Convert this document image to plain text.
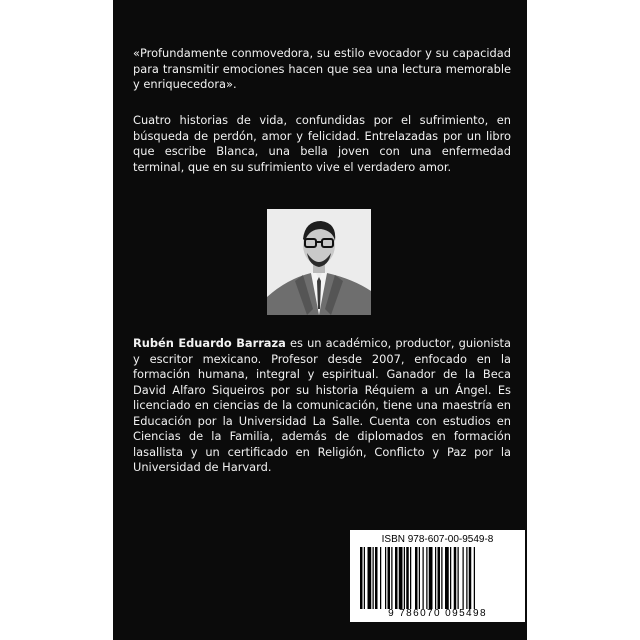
«Profundamente conmovedora, su estilo evocador y su capacidad para transmitir emociones hacen que sea una lectura memorable y enriquecedora».

Cuatro historias de vida, confundidas por el sufrimiento, en búsqueda de perdón, amor y felicidad. Entrelazadas por un libro que escribe Blanca, una bella joven con una enfermedad terminal, que en su sufrimiento vive el verdadero amor.

Rubén Eduardo Barraza es un académico, productor, guionista y escritor mexicano. Profesor desde 2007, enfocado en la formación humana, integral y espiritual. Ganador de la Beca David Alfaro Siqueiros por su historia Réquiem a un Ángel. Es licenciado en ciencias de la comunicación, tiene una maestría en Educación por la Universidad La Salle. Cuenta con estudios en Ciencias de la Familia, además de diplomados en formación lasallista y un certificado en Religión, Conflicto y Paz por la Universidad de Harvard.

ISBN 978-607-00-9549-8
9 786070 095498
